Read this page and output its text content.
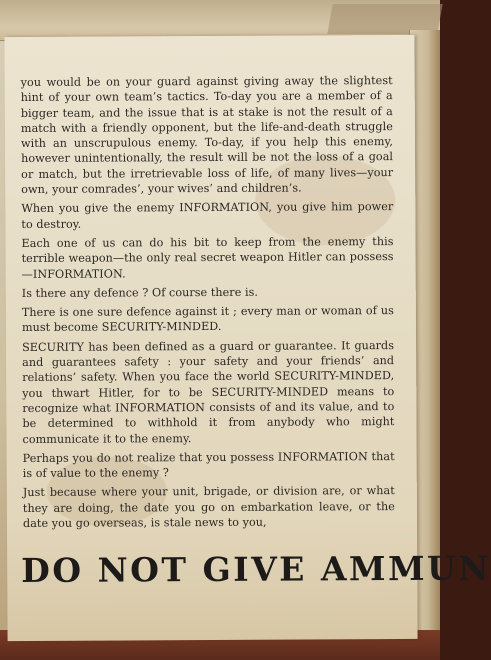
you would be on your guard against giving away the slightest hint of your own team’s tactics. To-day you are a member of a bigger team, and the issue that is at stake is not the result of a match with a friendly opponent, but the life-and-death struggle with an unscrupulous enemy. To-day, if you help this enemy, however unintentionally, the result will be not the loss of a goal or match, but the irretrievable loss of life, of many lives—your own, your comrades’, your wives’ and children’s.

When you give the enemy INFORMATION, you give him power to destroy.

Each one of us can do his bit to keep from the enemy this terrible weapon—the only real secret weapon Hitler can possess—INFORMATION.

Is there any defence ? Of course there is.

There is one sure defence against it ; every man or woman of us must become SECURITY-MINDED.

SECURITY has been defined as a guard or guarantee. It guards and guarantees safety : your safety and your friends’ and relations’ safety. When you face the world SECURITY-MINDED, you thwart Hitler, for to be SECURITY-MINDED means to recognize what INFORMATION consists of and its value, and to be determined to withhold it from anybody who might communicate it to the enemy.

Perhaps you do not realize that you possess INFORMATION that is of value to the enemy ?

Just because where your unit, brigade, or division are, or what they are doing, the date you go on embarkation leave, or the date you go overseas, is stale news to you,

DO NOT GIVE AMMUN
